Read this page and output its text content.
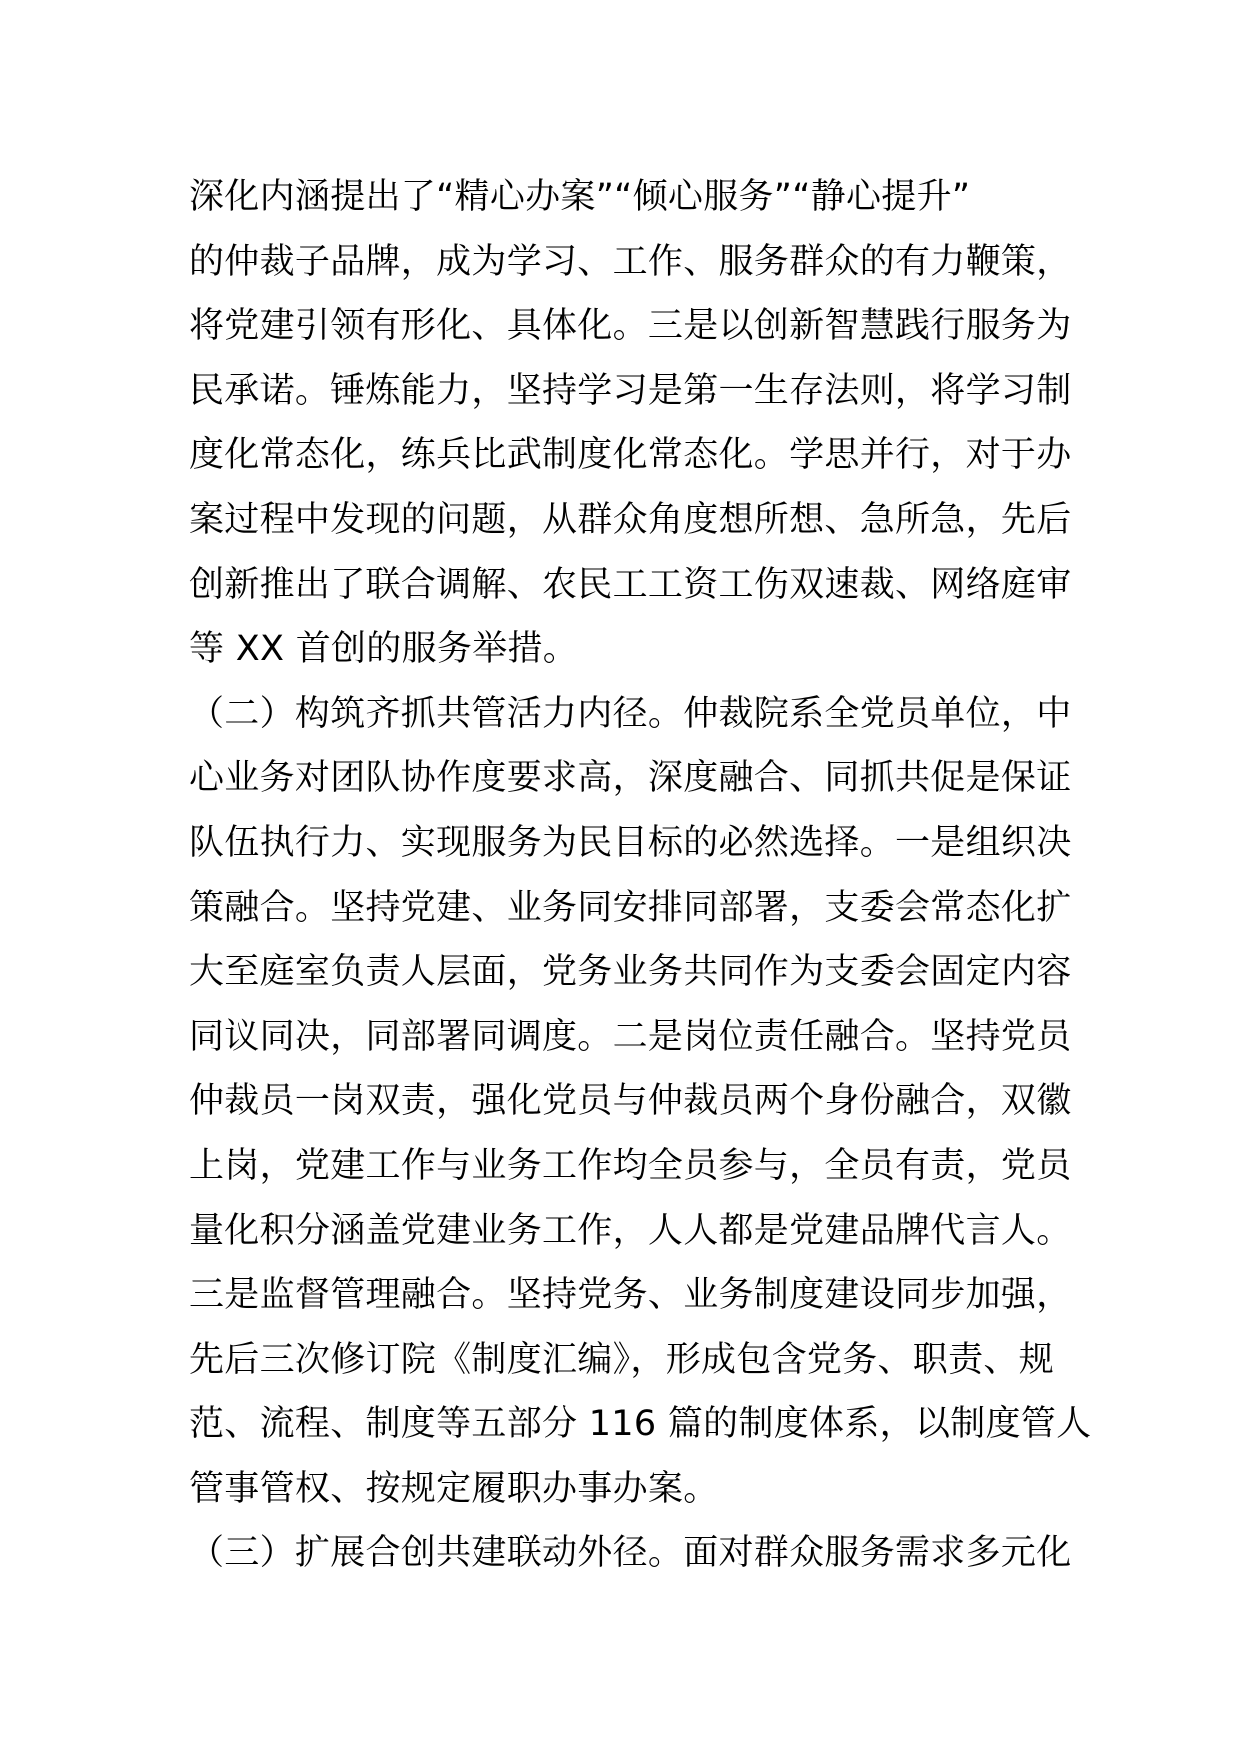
深化内涵提出了“精心办案”“倾心服务”“静心提升”
的仲裁子品牌，成为学习、工作、服务群众的有力鞭策，
将党建引领有形化、具体化。三是以创新智慧践行服务为
民承诺。锤炼能力，坚持学习是第一生存法则，将学习制
度化常态化，练兵比武制度化常态化。学思并行，对于办
案过程中发现的问题，从群众角度想所想、急所急，先后
创新推出了联合调解、农民工工资工伤双速裁、网络庭审
等 XX 首创的服务举措。
（二）构筑齐抓共管活力内径。仲裁院系全党员单位，中
心业务对团队协作度要求高，深度融合、同抓共促是保证
队伍执行力、实现服务为民目标的必然选择。一是组织决
策融合。坚持党建、业务同安排同部署，支委会常态化扩
大至庭室负责人层面，党务业务共同作为支委会固定内容
同议同决，同部署同调度。二是岗位责任融合。坚持党员
仲裁员一岗双责，强化党员与仲裁员两个身份融合，双徽
上岗，党建工作与业务工作均全员参与，全员有责，党员
量化积分涵盖党建业务工作，人人都是党建品牌代言人。
三是监督管理融合。坚持党务、业务制度建设同步加强，
先后三次修订院《制度汇编》，形成包含党务、职责、规
范、流程、制度等五部分 116 篇的制度体系，以制度管人
管事管权、按规定履职办事办案。
（三）扩展合创共建联动外径。面对群众服务需求多元化
